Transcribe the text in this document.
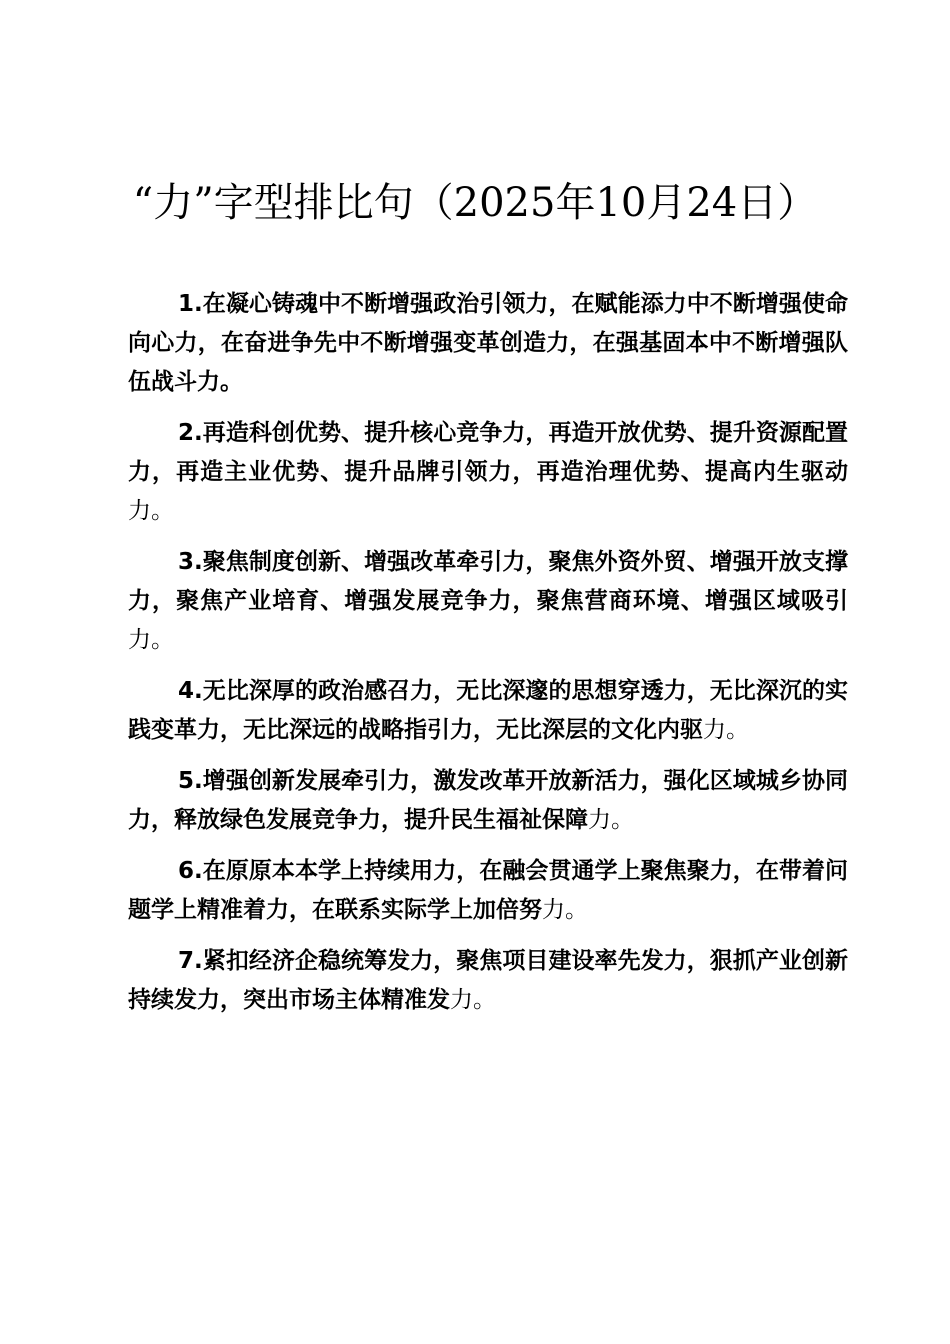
“力”字型排比句（2025年10月24日）

1.在凝心铸魂中不断增强政治引领力，在赋能添力中不断增强使命向心力，在奋进争先中不断增强变革创造力，在强基固本中不断增强队伍战斗力。

2.再造科创优势、提升核心竞争力，再造开放优势、提升资源配置力，再造主业优势、提升品牌引领力，再造治理优势、提高内生驱动力。

3.聚焦制度创新、增强改革牵引力，聚焦外资外贸、增强开放支撑力，聚焦产业培育、增强发展竞争力，聚焦营商环境、增强区域吸引力。

4.无比深厚的政治感召力，无比深邃的思想穿透力，无比深沉的实践变革力，无比深远的战略指引力，无比深层的文化内驱力。

5.增强创新发展牵引力，激发改革开放新活力，强化区域城乡协同力，释放绿色发展竞争力，提升民生福祉保障力。

6.在原原本本学上持续用力，在融会贯通学上聚焦聚力，在带着问题学上精准着力，在联系实际学上加倍努力。

7.紧扣经济企稳统筹发力，聚焦项目建设率先发力，狠抓产业创新持续发力，突出市场主体精准发力。
